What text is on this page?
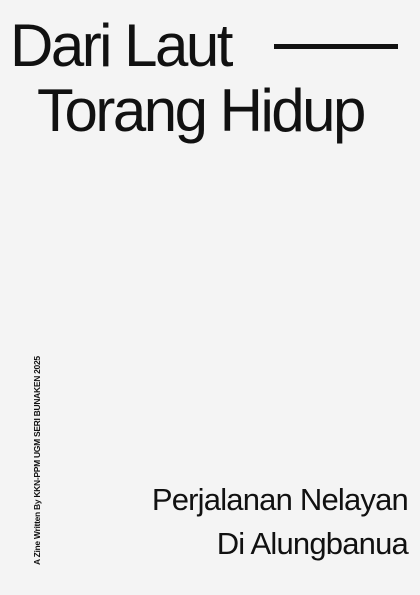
Dari Laut
Torang Hidup
A Zine Written By KKN-PPM UGM SERI BUNAKEN 2025	Perjalanan Nelayan
Di Alungbanua
